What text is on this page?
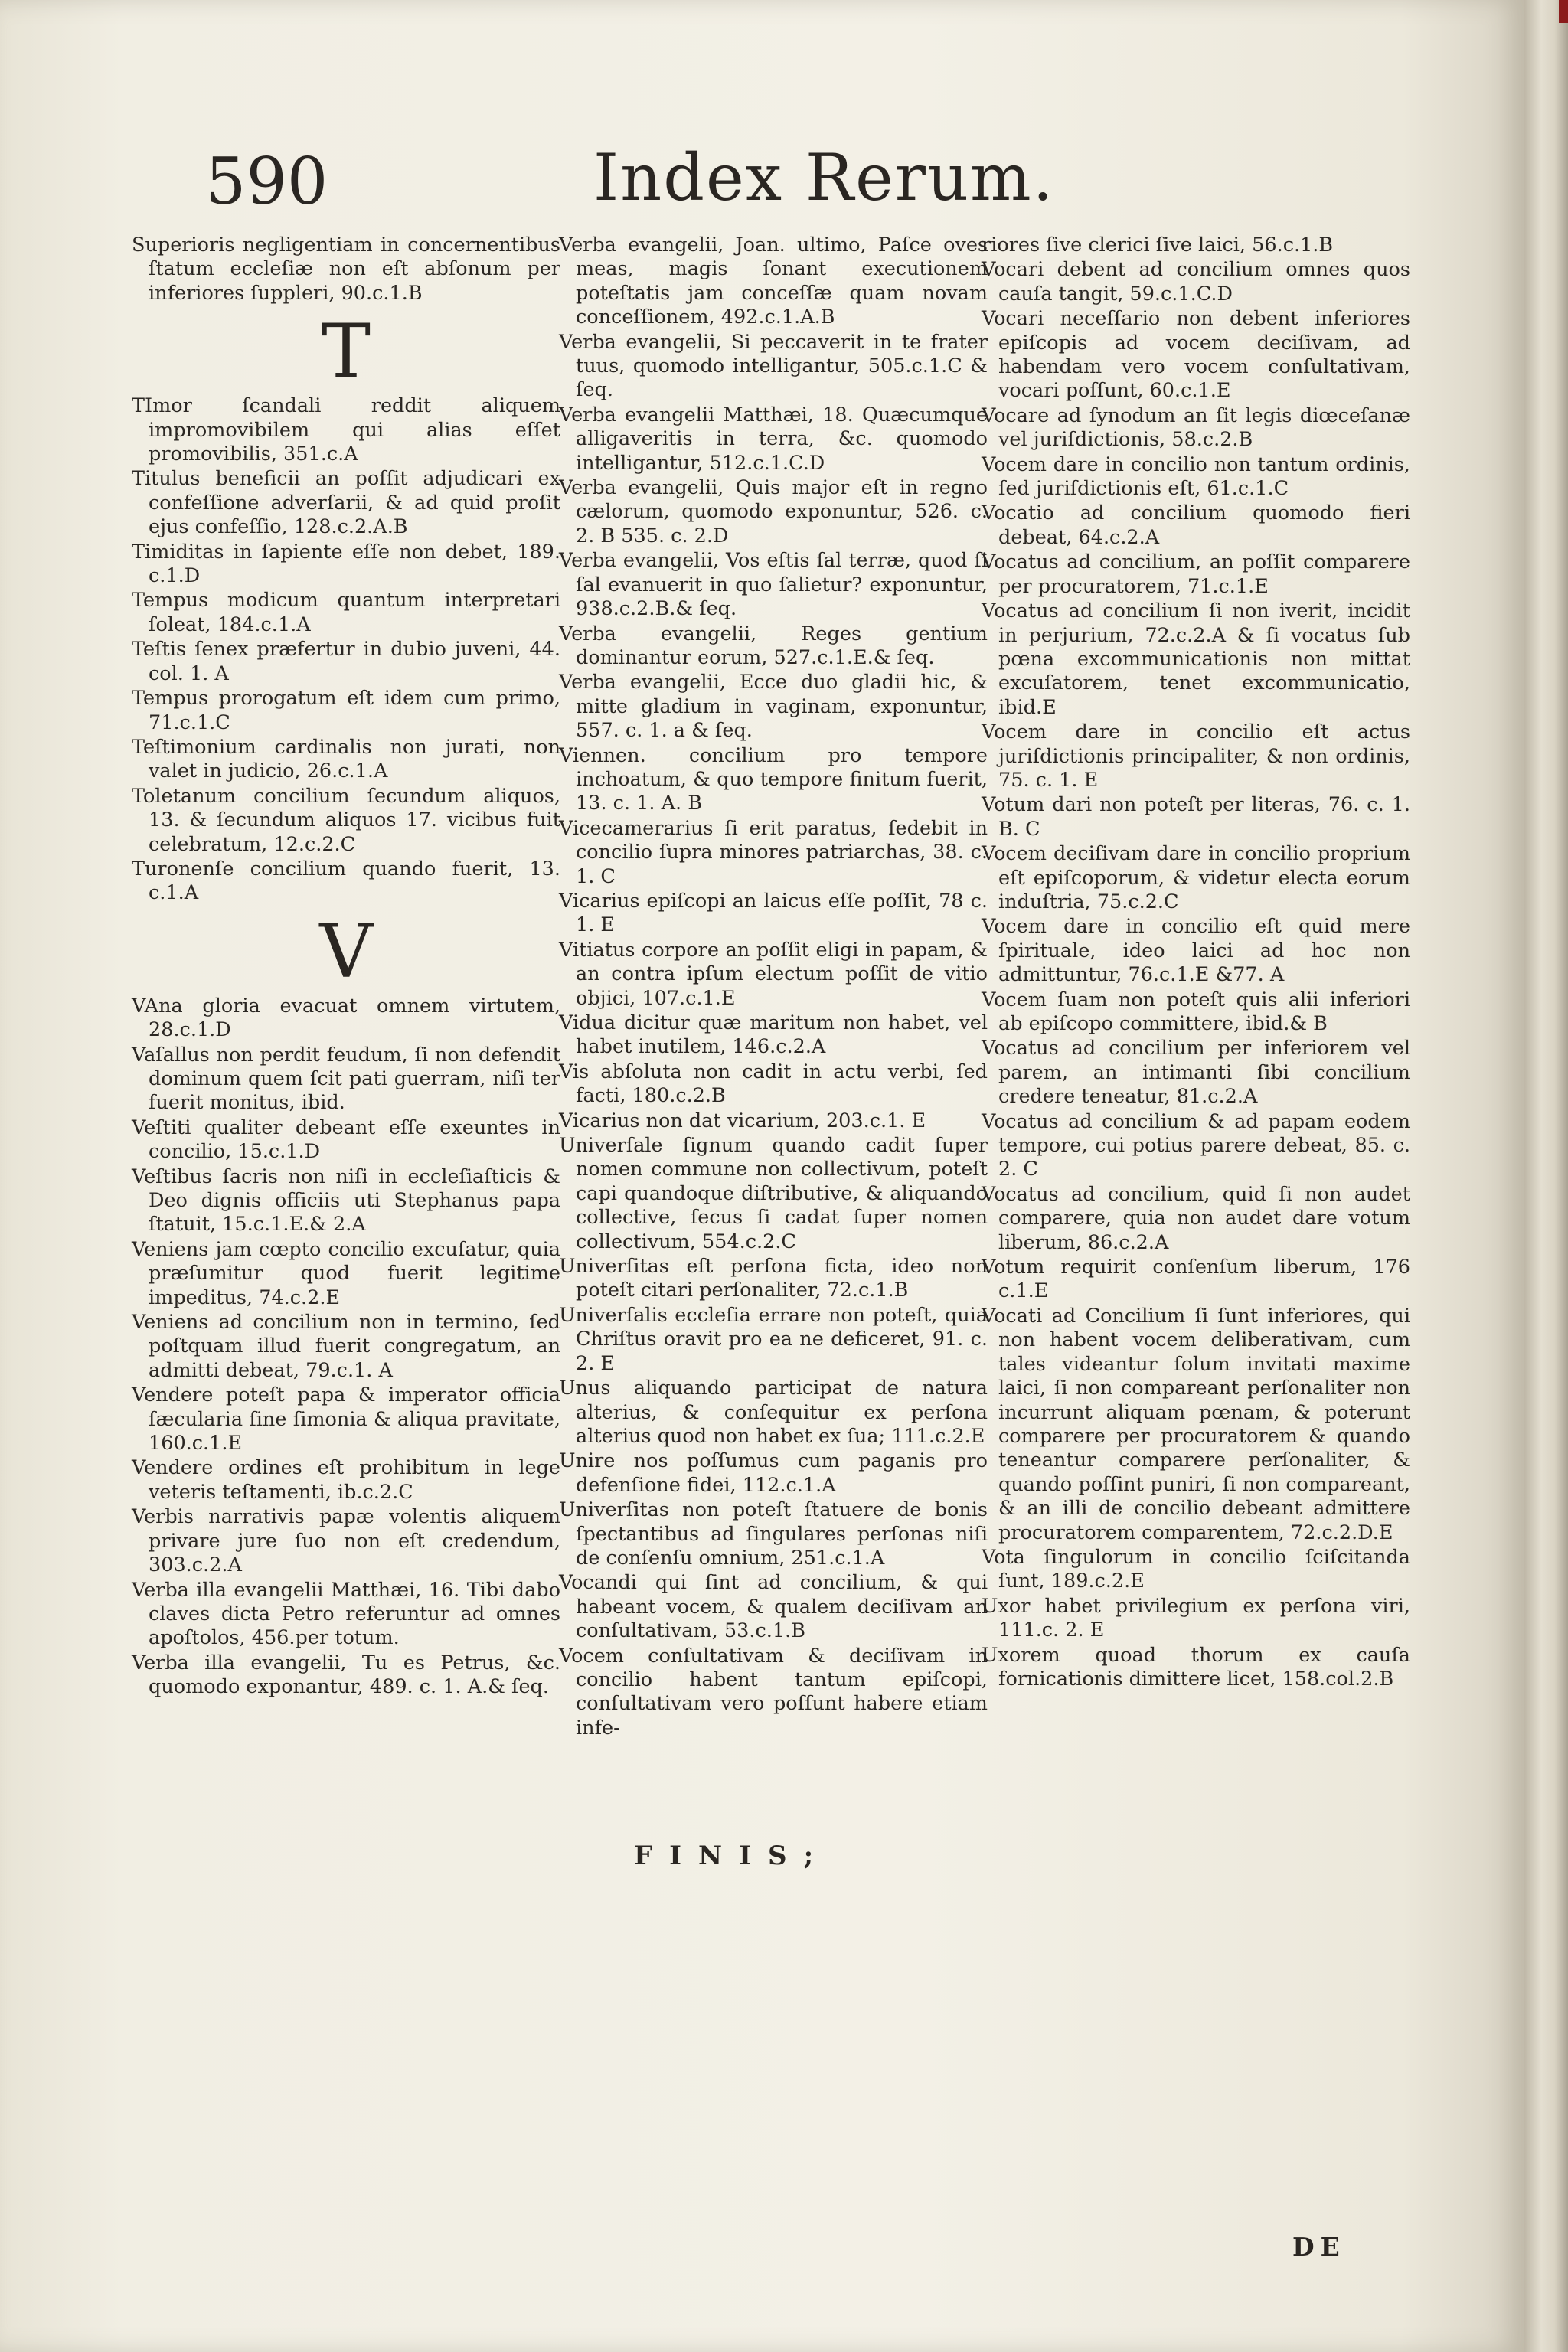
590	Index Rerum.
Superioris negligentiam in concernentibus ſtatum eccleſiæ non eſt abſonum per inferiores ſuppleri, 90.c.1.B
T
TImor ſcandali reddit aliquem impromovibilem qui alias eſſet promovibilis, 351.c.A
Titulus beneficii an poſſit adjudicari ex confeſſione adverſarii, & ad quid proſit ejus confeſſio, 128.c.2.A.B
Timiditas in ſapiente eſſe non debet, 189. c.1.D
Tempus modicum quantum interpretari ſoleat, 184.c.1.A
Teſtis ſenex præfertur in dubio juveni, 44. col. 1. A
Tempus prorogatum eſt idem cum primo, 71.c.1.C
Teſtimonium cardinalis non jurati, non valet in judicio, 26.c.1.A
Toletanum concilium ſecundum aliquos, 13. & ſecundum aliquos 17. vicibus fuit celebratum, 12.c.2.C
Turonenſe concilium quando fuerit, 13. c.1.A
V
VAna gloria evacuat omnem virtutem, 28.c.1.D
Vaſallus non perdit feudum, ſi non defendit dominum quem ſcit pati guerram, niſi ter fuerit monitus, ibid.
Veſtiti qualiter debeant eſſe exeuntes in concilio, 15.c.1.D
Veſtibus ſacris non niſi in eccleſiaſticis & Deo dignis officiis uti Stephanus papa ſtatuit, 15.c.1.E.& 2.A
Veniens jam cœpto concilio excuſatur, quia præſumitur quod fuerit legitime impeditus, 74.c.2.E
Veniens ad concilium non in termino, ſed poſtquam illud fuerit congregatum, an admitti debeat, 79.c.1. A
Vendere poteſt papa & imperator officia ſæcularia ſine ſimonia & aliqua pravitate, 160.c.1.E
Vendere ordines eſt prohibitum in lege veteris teſtamenti, ib.c.2.C
Verbis narrativis papæ volentis aliquem privare jure ſuo non eſt credendum, 303.c.2.A
Verba illa evangelii Matthæi, 16. Tibi dabo claves dicta Petro referuntur ad omnes apoſtolos, 456.per totum.
Verba illa evangelii, Tu es Petrus, &c. quomodo exponantur, 489. c. 1. A.& ſeq.
Verba evangelii, Joan. ultimo, Paſce oves meas, magis ſonant executionem poteſtatis jam conceſſæ quam novam conceſſionem, 492.c.1.A.B
Verba evangelii, Si peccaverit in te frater tuus, quomodo intelligantur, 505.c.1.C & ſeq.
Verba evangelii Matthæi, 18. Quæcumque alligaveritis in terra, &c. quomodo intelligantur, 512.c.1.C.D
Verba evangelii, Quis major eſt in regno cælorum, quomodo exponuntur, 526. c. 2. B 535. c. 2.D
Verba evangelii, Vos eſtis ſal terræ, quod ſi ſal evanuerit in quo ſalietur? exponuntur, 938.c.2.B.& ſeq.
Verba evangelii, Reges gentium dominantur eorum, 527.c.1.E.& ſeq.
Verba evangelii, Ecce duo gladii hic, & mitte gladium in vaginam, exponuntur, 557. c. 1. a & ſeq.
Viennen. concilium pro tempore inchoatum, & quo tempore finitum fuerit, 13. c. 1. A. B
Vicecamerarius ſi erit paratus, ſedebit in concilio ſupra minores patriarchas, 38. c. 1. C
Vicarius epiſcopi an laicus eſſe poſſit, 78 c. 1. E
Vitiatus corpore an poſſit eligi in papam, & an contra ipſum electum poſſit de vitio objici, 107.c.1.E
Vidua dicitur quæ maritum non habet, vel habet inutilem, 146.c.2.A
Vis abſoluta non cadit in actu verbi, ſed facti, 180.c.2.B
Vicarius non dat vicarium, 203.c.1. E
Univerſale ſignum quando cadit ſuper nomen commune non collectivum, poteſt capi quandoque diſtributive, & aliquando collective, ſecus ſi cadat ſuper nomen collectivum, 554.c.2.C
Univerſitas eſt perſona ficta, ideo non poteſt citari perſonaliter, 72.c.1.B
Univerſalis eccleſia errare non poteſt, quia Chriſtus oravit pro ea ne deficeret, 91. c. 2. E
Unus aliquando participat de natura alterius, & conſequitur ex perſona alterius quod non habet ex ſua; 111.c.2.E
Unire nos poſſumus cum paganis pro defenſione fidei, 112.c.1.A
Univerſitas non poteſt ſtatuere de bonis ſpectantibus ad ſingulares perſonas niſi de conſenſu omnium, 251.c.1.A
Vocandi qui ſint ad concilium, & qui habeant vocem, & qualem deciſivam an conſultativam, 53.c.1.B
Vocem conſultativam & deciſivam in concilio habent tantum epiſcopi, conſultativam vero poſſunt habere etiam infe-
riores ſive clerici ſive laici, 56.c.1.B
Vocari debent ad concilium omnes quos cauſa tangit, 59.c.1.C.D
Vocari neceſſario non debent inferiores epiſcopis ad vocem deciſivam, ad habendam vero vocem conſultativam, vocari poſſunt, 60.c.1.E
Vocare ad ſynodum an ſit legis diœceſanæ vel juriſdictionis, 58.c.2.B
Vocem dare in concilio non tantum ordinis, ſed juriſdictionis eſt, 61.c.1.C
Vocatio ad concilium quomodo fieri debeat, 64.c.2.A
Vocatus ad concilium, an poſſit comparere per procuratorem, 71.c.1.E
Vocatus ad concilium ſi non iverit, incidit in perjurium, 72.c.2.A & ſi vocatus ſub pœna excommunicationis non mittat excuſatorem, tenet excommunicatio, ibid.E
Vocem dare in concilio eſt actus juriſdictionis principaliter, & non ordinis, 75. c. 1. E
Votum dari non poteſt per literas, 76. c. 1. B. C
Vocem deciſivam dare in concilio proprium eſt epiſcoporum, & videtur electa eorum induſtria, 75.c.2.C
Vocem dare in concilio eſt quid mere ſpirituale, ideo laici ad hoc non admittuntur, 76.c.1.E &77. A
Vocem ſuam non poteſt quis alii inferiori ab epiſcopo committere, ibid.& B
Vocatus ad concilium per inferiorem vel parem, an intimanti ſibi concilium credere teneatur, 81.c.2.A
Vocatus ad concilium & ad papam eodem tempore, cui potius parere debeat, 85. c. 2. C
Vocatus ad concilium, quid ſi non audet comparere, quia non audet dare votum liberum, 86.c.2.A
Votum requirit conſenſum liberum, 176 c.1.E
Vocati ad Concilium ſi ſunt inferiores, qui non habent vocem deliberativam, cum tales videantur ſolum invitati maxime laici, ſi non compareant perſonaliter non incurrunt aliquam pœnam, & poterunt comparere per procuratorem & quando teneantur comparere perſonaliter, & quando poſſint puniri, ſi non compareant, & an illi de concilio debeant admittere procuratorem comparentem, 72.c.2.D.E
Vota ſingulorum in concilio ſciſcitanda ſunt, 189.c.2.E
Uxor habet privilegium ex perſona viri, 111.c. 2. E
Uxorem quoad thorum ex cauſa fornicationis dimittere licet, 158.col.2.B
FINIS;
DE
